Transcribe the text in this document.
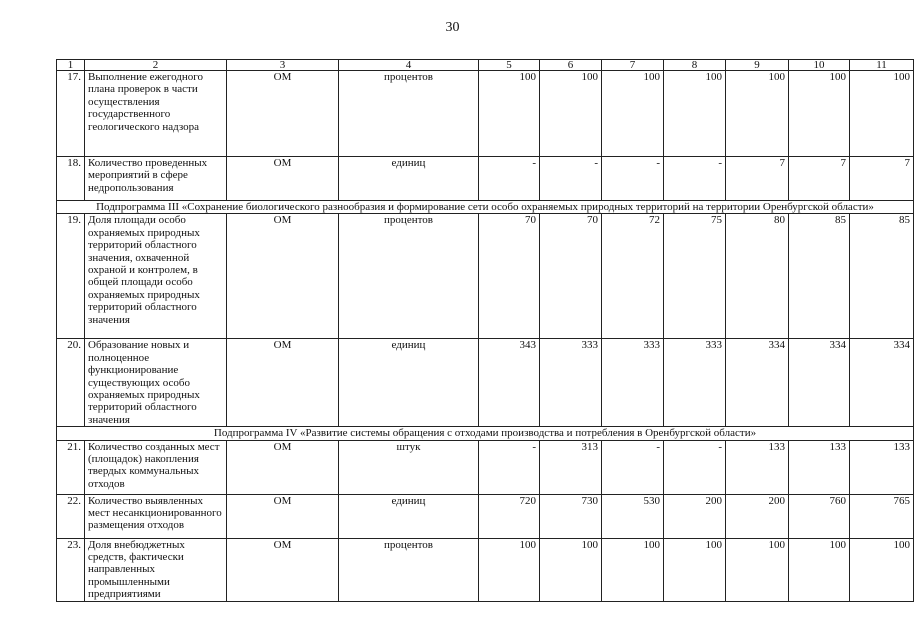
30
1	2	3	4	5	6	7	8	9	10	11
17.	Выполнение ежегодного плана проверок в части осуществления государственного геологического надзора	ОМ	процентов	100	100	100	100	100	100	100
18.	Количество проведенных мероприятий в сфере недропользования	ОМ	единиц	-	-	-	-	7	7	7
Подпрограмма III «Сохранение биологического разнообразия и формирование сети особо охраняемых природных территорий на территории Оренбургской области»										
19.	Доля площади особо охраняемых природных территорий областного значения, охваченной охраной и контролем, в общей площади особо охраняемых природных территорий областного значения	ОМ	процентов	70	70	72	75	80	85	85
20.	Образование новых и полноценное функционирование существующих особо охраняемых природных территорий областного значения	ОМ	единиц	343	333	333	333	334	334	334
Подпрограмма IV «Развитие системы обращения с отходами производства и потребления в Оренбургской области»										
21.	Количество созданных мест (площадок) накопления твердых коммунальных отходов	ОМ	штук	-	313	-	-	133	133	133
22.	Количество выявленных мест несанкционированного размещения отходов	ОМ	единиц	720	730	530	200	200	760	765
23.	Доля внебюджетных средств, фактически направленных промышленными предприятиями	ОМ	процентов	100	100	100	100	100	100	100
